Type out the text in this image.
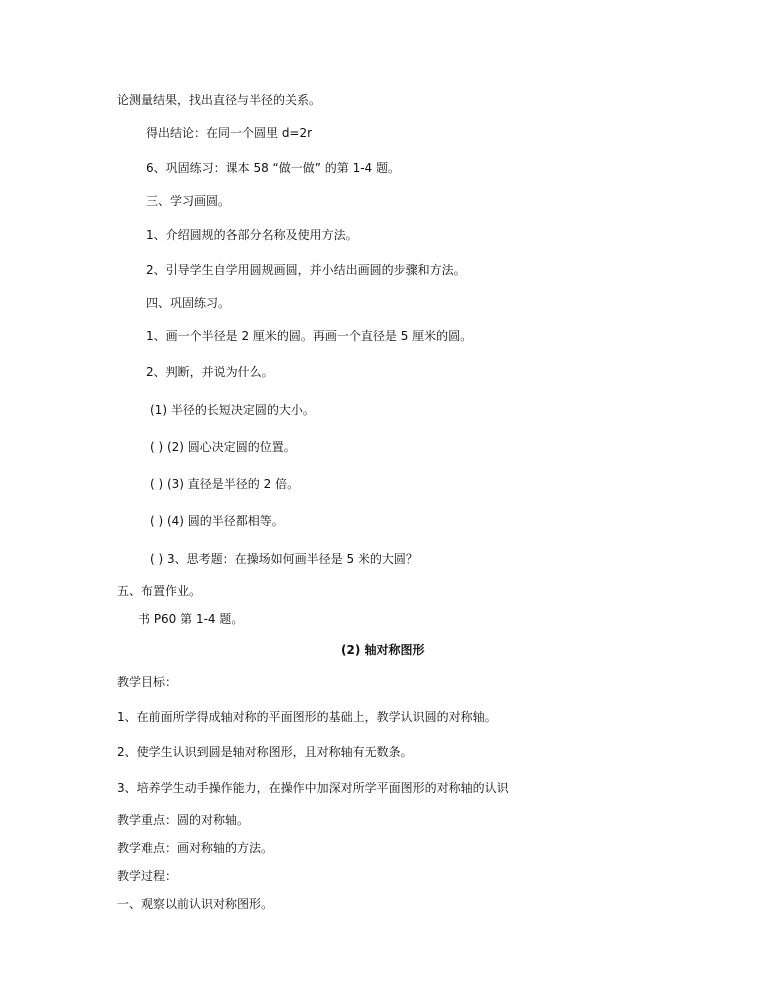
论测量结果，找出直径与半径的关系。
得出结论：在同一个圆里 d=2r
6、巩固练习：课本 58 “做一做” 的第 1-4 题。
三、学习画圆。
1、介绍圆规的各部分名称及使用方法。
2、引导学生自学用圆规画圆，并小结出画圆的步骤和方法。
四、巩固练习。
1、画一个半径是 2 厘米的圆。再画一个直径是 5 厘米的圆。
2、判断，并说为什么。
(1) 半径的长短决定圆的大小。
( ) (2) 圆心决定圆的位置。
( ) (3) 直径是半径的 2 倍。
( ) (4) 圆的半径都相等。
( ) 3、思考题：在操场如何画半径是 5 米的大圆？
五、布置作业。
书 P60 第 1-4 题。
(2) 轴对称图形
教学目标：
1、在前面所学得成轴对称的平面图形的基础上，教学认识圆的对称轴。
2、使学生认识到圆是轴对称图形，且对称轴有无数条。
3、培养学生动手操作能力，在操作中加深对所学平面图形的对称轴的认识
教学重点：圆的对称轴。
教学难点：画对称轴的方法。
教学过程：
一、观察以前认识对称图形。
